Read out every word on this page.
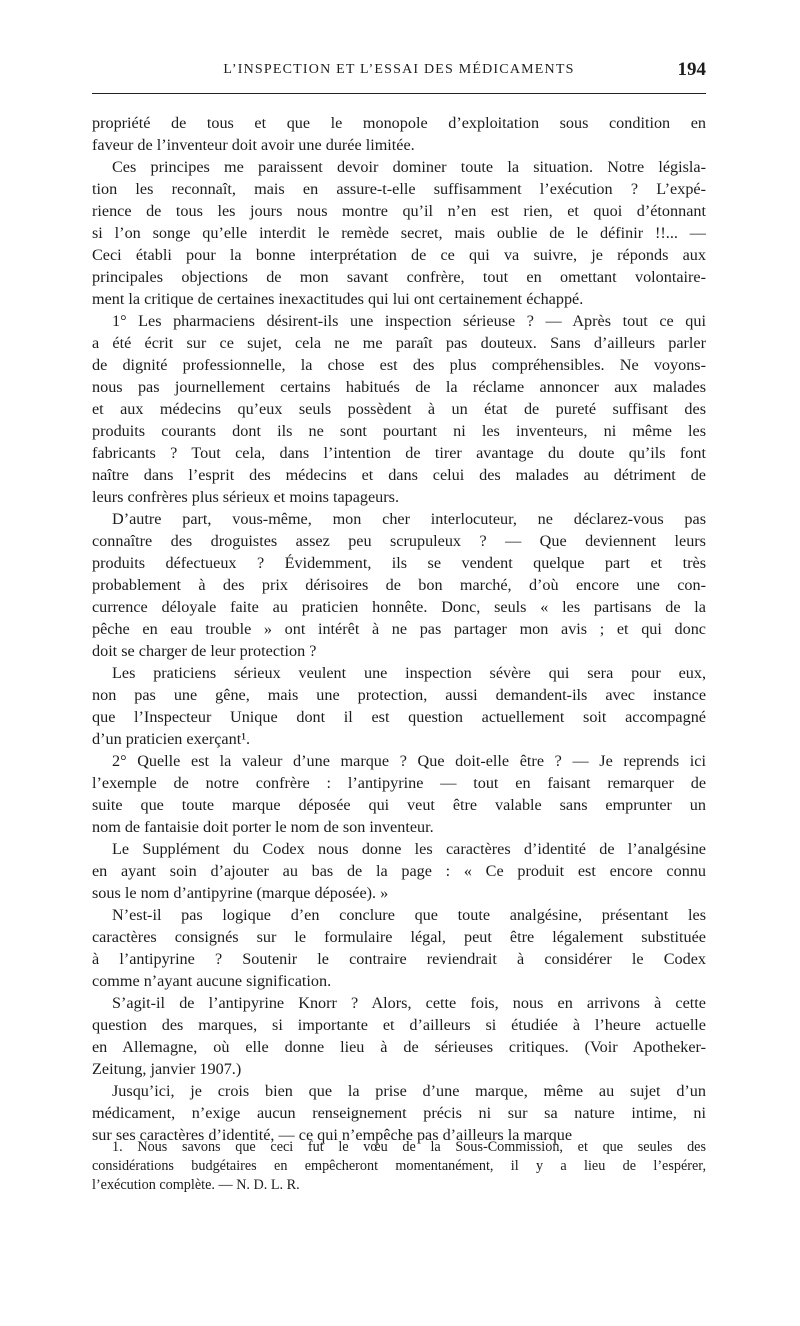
L’INSPECTION ET L’ESSAI DES MÉDICAMENTS	194
propriété de tous et que le monopole d’exploitation sous condition en
faveur de l’inventeur doit avoir une durée limitée.
Ces principes me paraissent devoir dominer toute la situation. Notre législa-
tion les reconnaît, mais en assure-t-elle suffisamment l’exécution ? L’expé-
rience de tous les jours nous montre qu’il n’en est rien, et quoi d’étonnant
si l’on songe qu’elle interdit le remède secret, mais oublie de le définir !!... —
Ceci établi pour la bonne interprétation de ce qui va suivre, je réponds aux
principales objections de mon savant confrère, tout en omettant volontaire-
ment la critique de certaines inexactitudes qui lui ont certainement échappé.
1° Les pharmaciens désirent-ils une inspection sérieuse ? — Après tout ce qui
a été écrit sur ce sujet, cela ne me paraît pas douteux. Sans d’ailleurs parler
de dignité professionnelle, la chose est des plus compréhensibles. Ne voyons-
nous pas journellement certains habitués de la réclame annoncer aux malades
et aux médecins qu’eux seuls possèdent à un état de pureté suffisant des
produits courants dont ils ne sont pourtant ni les inventeurs, ni même les
fabricants ? Tout cela, dans l’intention de tirer avantage du doute qu’ils font
naître dans l’esprit des médecins et dans celui des malades au détriment de
leurs confrères plus sérieux et moins tapageurs.
D’autre part, vous-même, mon cher interlocuteur, ne déclarez-vous pas
connaître des droguistes assez peu scrupuleux ? — Que deviennent leurs
produits défectueux ? Évidemment, ils se vendent quelque part et très
probablement à des prix dérisoires de bon marché, d’où encore une con-
currence déloyale faite au praticien honnête. Donc, seuls « les partisans de la
pêche en eau trouble » ont intérêt à ne pas partager mon avis ; et qui donc
doit se charger de leur protection ?
Les praticiens sérieux veulent une inspection sévère qui sera pour eux,
non pas une gêne, mais une protection, aussi demandent-ils avec instance
que l’Inspecteur Unique dont il est question actuellement soit accompagné
d’un praticien exerçant¹.
2° Quelle est la valeur d’une marque ? Que doit-elle être ? — Je reprends ici
l’exemple de notre confrère : l’antipyrine — tout en faisant remarquer de
suite que toute marque déposée qui veut être valable sans emprunter un
nom de fantaisie doit porter le nom de son inventeur.
Le Supplément du Codex nous donne les caractères d’identité de l’analgésine
en ayant soin d’ajouter au bas de la page : « Ce produit est encore connu
sous le nom d’antipyrine (marque déposée). »
N’est-il pas logique d’en conclure que toute analgésine, présentant les
caractères consignés sur le formulaire légal, peut être légalement substituée
à l’antipyrine ? Soutenir le contraire reviendrait à considérer le Codex
comme n’ayant aucune signification.
S’agit-il de l’antipyrine Knorr ? Alors, cette fois, nous en arrivons à cette
question des marques, si importante et d’ailleurs si étudiée à l’heure actuelle
en Allemagne, où elle donne lieu à de sérieuses critiques. (Voir Apotheker-
Zeitung, janvier 1907.)
Jusqu’ici, je crois bien que la prise d’une marque, même au sujet d’un
médicament, n’exige aucun renseignement précis ni sur sa nature intime, ni
sur ses caractères d’identité, — ce qui n’empêche pas d’ailleurs la marque
1. Nous savons que ceci fut le vœu de la Sous-Commission, et que seules des
considérations budgétaires en empêcheront momentanément, il y a lieu de l’espérer,
l’exécution complète. — N. D. L. R.
